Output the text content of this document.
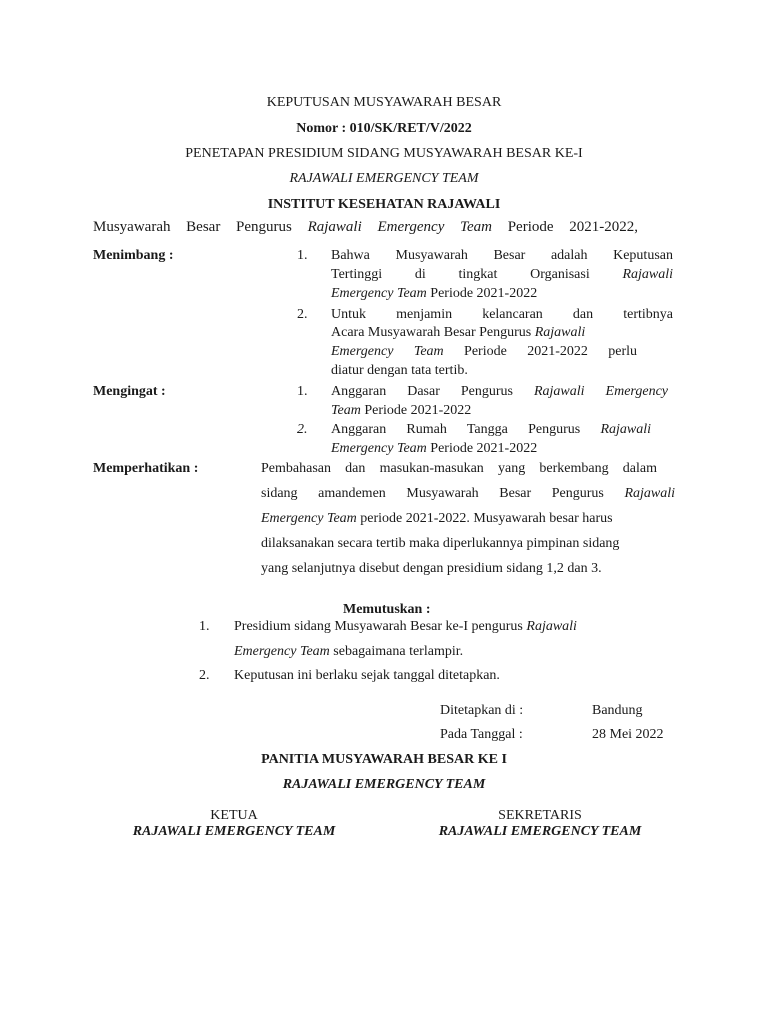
KEPUTUSAN MUSYAWARAH BESAR
Nomor : 010/SK/RET/V/2022
PENETAPAN PRESIDIUM SIDANG MUSYAWARAH BESAR KE-I
RAJAWALI EMERGENCY TEAM
INSTITUT KESEHATAN RAJAWALI
Musyawarah Besar Pengurus Rajawali Emergency Team Periode 2021-2022,
Menimbang :	1.	Bahwa Musyawarah Besar adalah Keputusan
Tertinggi di tingkat Organisasi Rajawali
Emergency Team Periode 2021-2022
2.	Untuk menjamin kelancaran dan tertibnya
Acara Musyawarah Besar Pengurus Rajawali
Emergency Team Periode 2021-2022 perlu
diatur dengan tata tertib.
Mengingat :	1.	Anggaran Dasar Pengurus Rajawali Emergency
Team Periode 2021-2022
2.	Anggaran Rumah Tangga Pengurus Rajawali
Emergency Team Periode 2021-2022
Memperhatikan :	Pembahasan dan masukan-masukan yang berkembang dalam
sidang amandemen Musyawarah Besar Pengurus Rajawali
Emergency Team periode 2021-2022. Musyawarah besar harus
dilaksanakan secara tertib maka diperlukannya pimpinan sidang
yang selanjutnya disebut dengan presidium sidang 1,2 dan 3.
Memutuskan :
1.	Presidium sidang Musyawarah Besar ke-I pengurus Rajawali
Emergency Team sebagaimana terlampir.
2.	Keputusan ini berlaku sejak tanggal ditetapkan.
Ditetapkan di :	Bandung
Pada Tanggal :	28 Mei 2022
PANITIA MUSYAWARAH BESAR KE I
RAJAWALI EMERGENCY TEAM
KETUA
RAJAWALI EMERGENCY TEAM
SEKRETARIS
RAJAWALI EMERGENCY TEAM
